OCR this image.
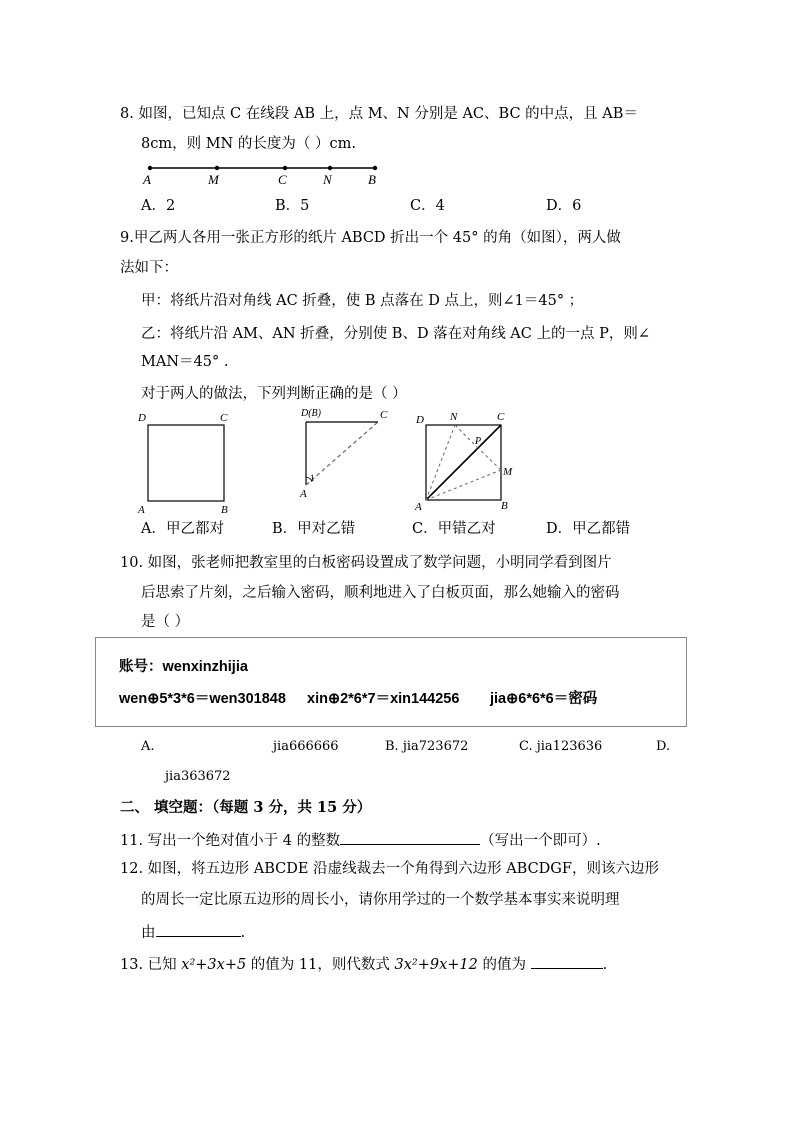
8. 如图，已知点 C 在线段 AB 上，点 M、N 分别是 AC、BC 的中点，且 AB＝
8cm，则 MN 的长度为（ ）cm.
A	M	C	N	B
A．2	B．5	C．4	D．6
9.甲乙两人各用一张正方形的纸片 ABCD 折出一个 45° 的角（如图），两人做
法如下：
甲：将纸片沿对角线 AC 折叠，使 B 点落在 D 点上，则∠1＝45° ；
乙：将纸片沿 AM、AN 折叠，分别使 B、D 落在对角线 AC 上的一点 P，则∠
MAN＝45° .
对于两人的做法，下列判断正确的是（ ）
D	C
A	B
D(B)	C
1
A
D N	C
P
M
A	B
A．甲乙都对	B．甲对乙错	C．甲错乙对	D．甲乙都错
10. 如图，张老师把教室里的白板密码设置成了数学问题，小明同学看到图片
后思索了片刻，之后输入密码，顺利地进入了白板页面，那么她输入的密码
是（ ）
账号：wenxinzhijia
wen⊕5*3*6＝wen301848 xin⊕2*6*7＝xin144256 jia⊕6*6*6＝密码
A.	jia666666	B. jia723672	C. jia123636	D.
jia363672
二、 填空题：（每题 3 分，共 15 分）
11. 写出一个绝对值小于 4 的整数	（写出一个即可）.
12. 如图，将五边形 ABCDE 沿虚线裁去一个角得到六边形 ABCDGF，则该六边形
的周长一定比原五边形的周长小，请你用学过的一个数学基本事实来说明理
由	.
13. 已知 x²+3x+5 的值为 11，则代数式 3x²+9x+12 的值为	.
